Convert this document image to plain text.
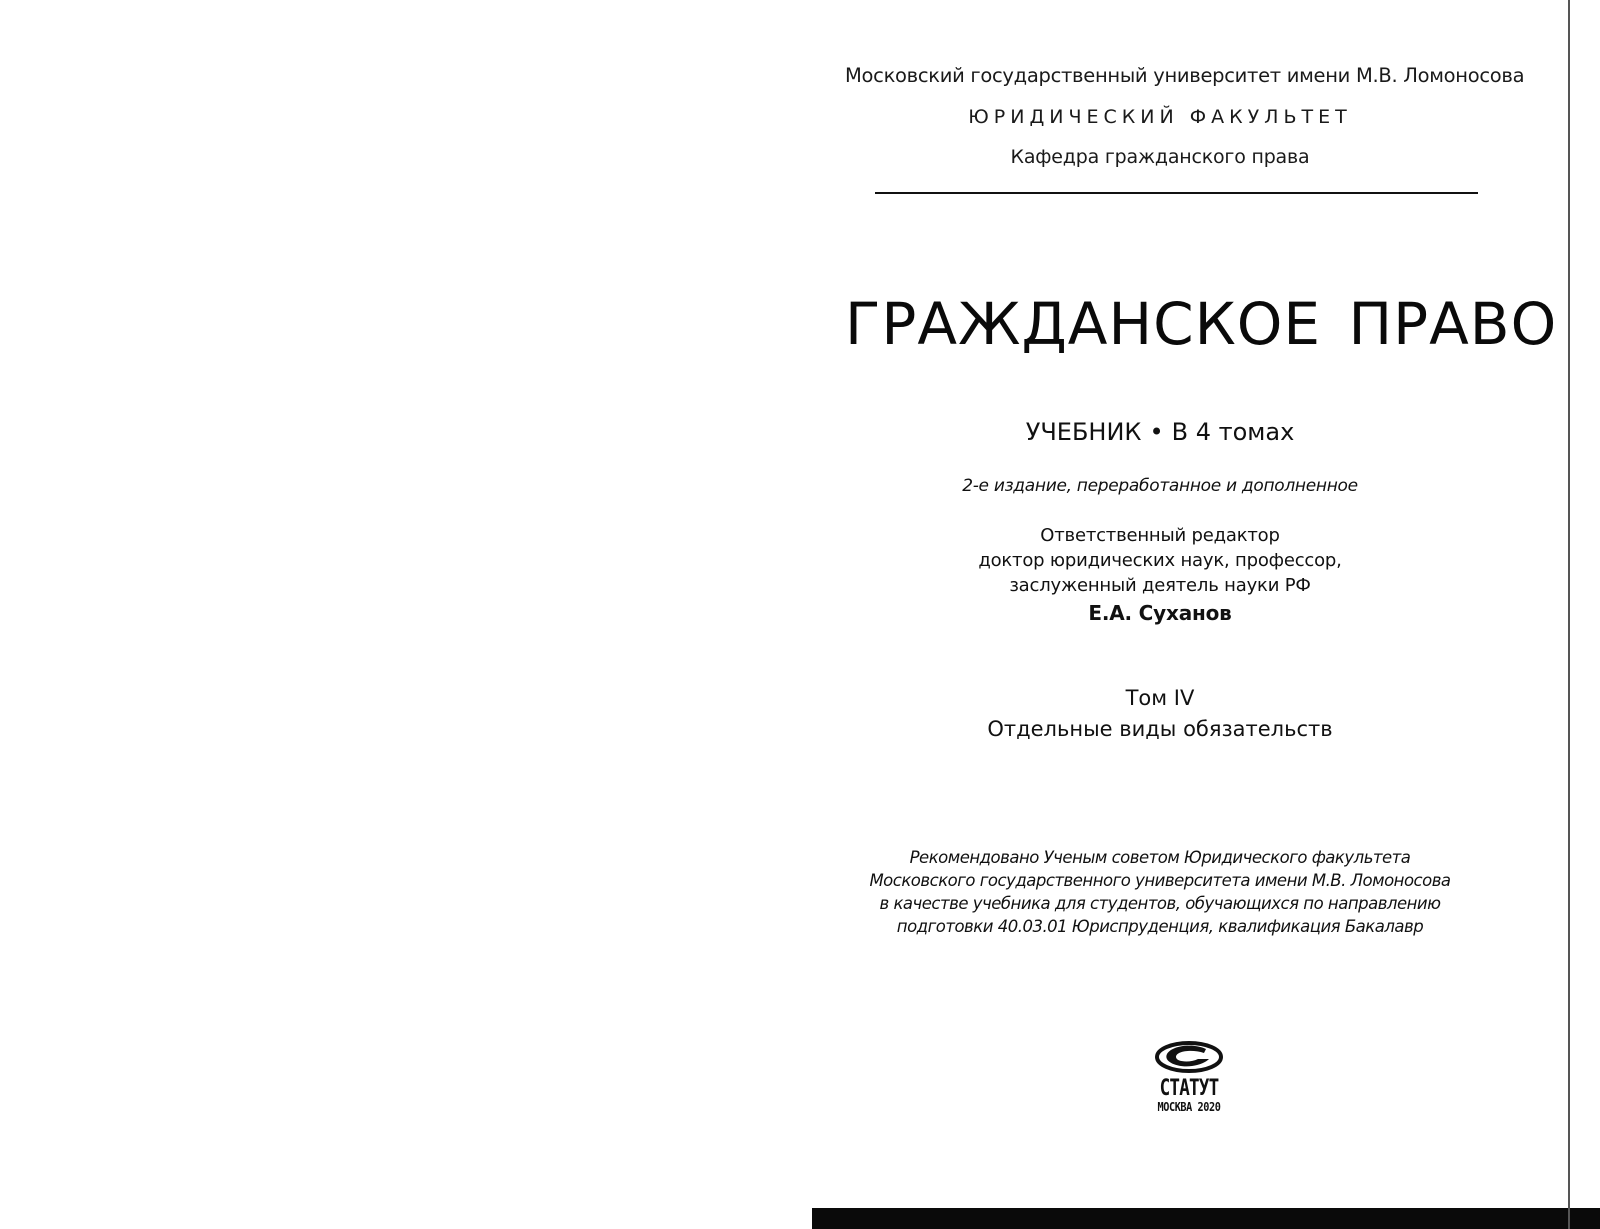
Московский государственный университет имени М.В. Ломоносова
ЮРИДИЧЕСКИЙ ФАКУЛЬТЕТ
Кафедра гражданского права
ГРАЖДАНСКОЕ ПРАВО
УЧЕБНИК • В 4 томах
2-е издание, переработанное и дополненное
Ответственный редактор
доктор юридических наук, профессор,
заслуженный деятель науки РФ
Е.А. Суханов
Том IV
Отдельные виды обязательств
Рекомендовано Ученым советом Юридического факультета
Московского государственного университета имени М.В. Ломоносова
в качестве учебника для студентов, обучающихся по направлению
подготовки 40.03.01 Юриспруденция, квалификация Бакалавр
СТАТУТ
МОСКВА 2020
